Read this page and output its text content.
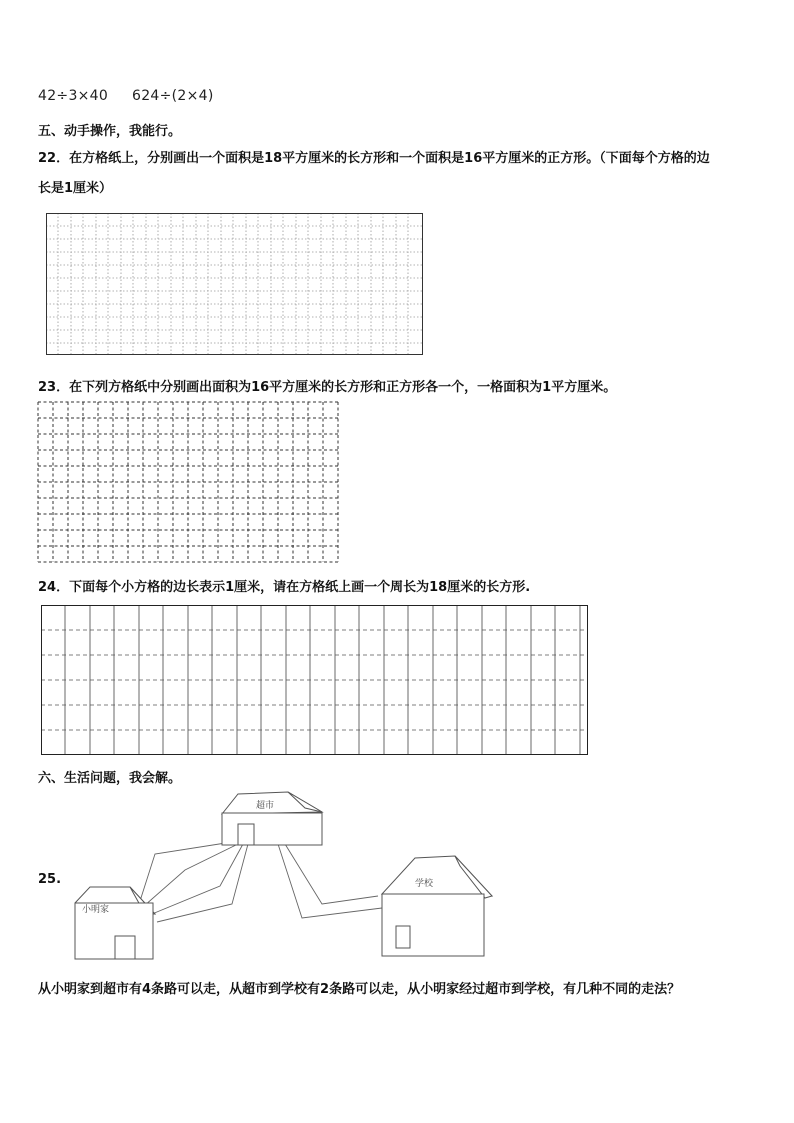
42÷3×40 624÷(2×4)
五、动手操作，我能行。
22．在方格纸上，分别画出一个面积是18平方厘米的长方形和一个面积是16平方厘米的正方形。（下面每个方格的边
长是1厘米）
23．在下列方格纸中分别画出面积为16平方厘米的长方形和正方形各一个，一格面积为1平方厘米。
24．下面每个小方格的边长表示1厘米，请在方格纸上画一个周长为18厘米的长方形.
六、生活问题，我会解。
25.
超市
小明家
学校
从小明家到超市有4条路可以走，从超市到学校有2条路可以走，从小明家经过超市到学校，有几种不同的走法？
